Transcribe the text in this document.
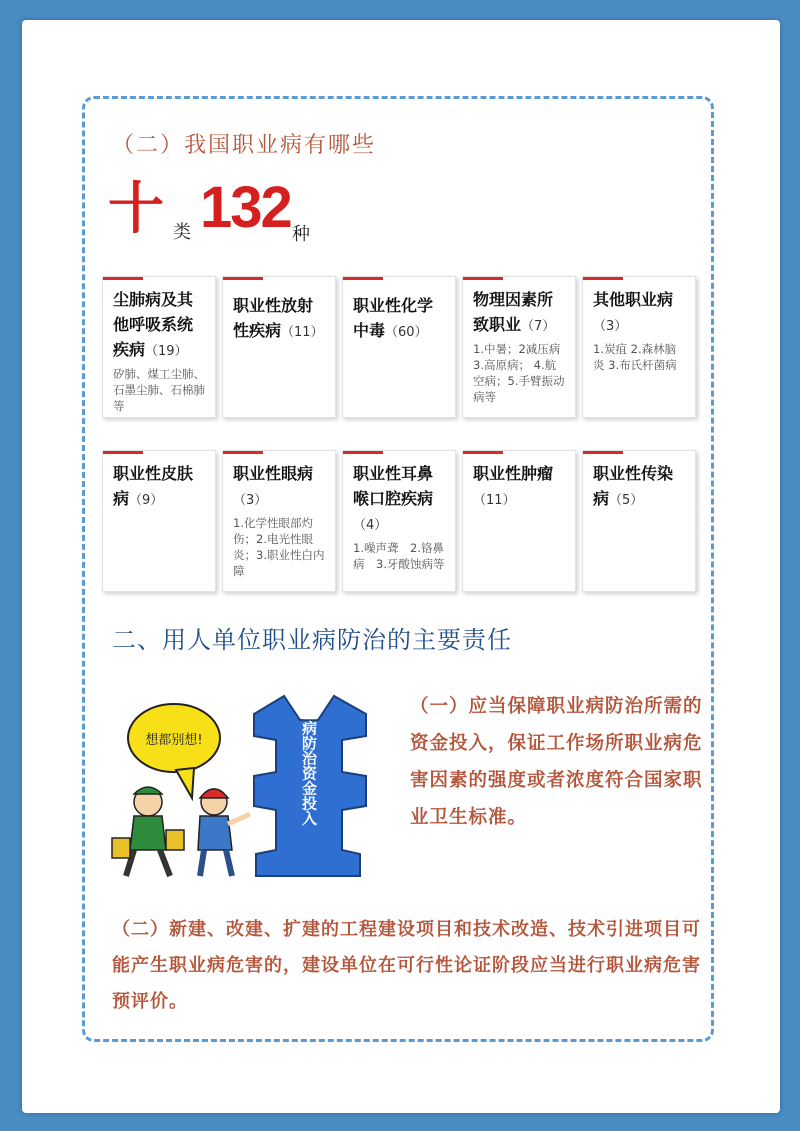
（二）我国职业病有哪些
十 类 132 种
尘肺病及其他呼吸系统疾病（19）
矽肺、煤工尘肺、石墨尘肺、石棉肺等
职业性放射性疾病（11）
职业性化学中毒（60）
物理因素所致职业（7）
1.中暑；2减压病 3.高原病； 4.航空病；5.手臂振动病等
其他职业病（3）
1.炭疽 2.森林脑炎 3.布氏杆菌病
职业性皮肤病（9）
职业性眼病（3）
1.化学性眼部灼伤；2.电光性眼炎；3.职业性白内障
职业性耳鼻喉口腔疾病（4）
1.噪声聋　2.铬鼻病　3.牙酸蚀病等
职业性肿瘤（11）
职业性传染病（5）
二、用人单位职业病防治的主要责任
想都别想!	职业病防治资金投入	（一）应当保障职业病防治所需的资金投入，保证工作场所职业病危害因素的强度或者浓度符合国家职业卫生标准。
（二）新建、改建、扩建的工程建设项目和技术改造、技术引进项目可能产生职业病危害的，建设单位在可行性论证阶段应当进行职业病危害预评价。
